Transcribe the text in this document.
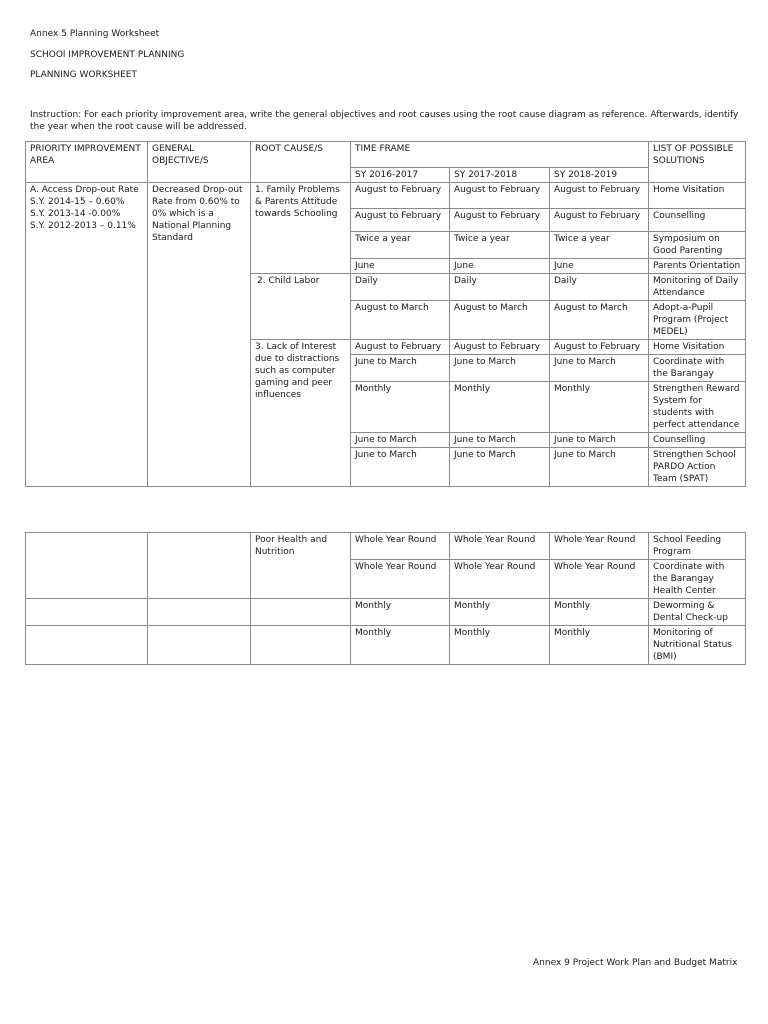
Annex 5 Planning Worksheet
SCHOOl IMPROVEMENT PLANNING
PLANNING WORKSHEET
Instruction: For each priority improvement area, write the general objectives and root causes using the root cause diagram as reference. Afterwards, identify the year when the root cause will be addressed.
PRIORITY IMPROVEMENT AREA	GENERAL OBJECTIVE/S	ROOT CAUSE/S	TIME FRAME			LIST OF POSSIBLE SOLUTIONS
			SY 2016-2017	SY 2017-2018	SY 2018-2019	

A. Access Drop-out Rate
S.Y. 2014-15 – 0.60%
S.Y. 2013-14 -0.00%
S.Y. 2012-2013 – 0.11%	Decreased Drop-out Rate from 0.60% to 0% which is a National Planning Standard	1. Family Problems & Parents Attitude towards Schooling	August to February	August to February	August to February	Home Visitation
			August to February	August to February	August to February	Counselling
			Twice a year	Twice a year	Twice a year	Symposium on Good Parenting
			June	June	June	Parents Orientation
		2. Child Labor	Daily	Daily	Daily	Monitoring of Daily Attendance
			August to March	August to March	August to March	Adopt-a-Pupil Program (Project MEDEL)
		3. Lack of Interest due to distractions such as computer gaming and peer influences	August to February	August to February	August to February	Home Visitation
			June to March	June to March	June to March	Coordinate with the Barangay
			Monthly	Monthly	Monthly	Strengthen Reward System for students with perfect attendance
			June to March	June to March	June to March	Counselling
			June to March	June to March	June to March	Strengthen School PARDO Action Team (SPAT)
		Poor Health and Nutrition	Whole Year Round	Whole Year Round	Whole Year Round	School Feeding Program
			Whole Year Round	Whole Year Round	Whole Year Round	Coordinate with the Barangay Health Center
			Monthly	Monthly	Monthly	Deworming & Dental Check-up
			Monthly	Monthly	Monthly	Monitoring of Nutritional Status (BMI)
Annex 9 Project Work Plan and Budget Matrix
